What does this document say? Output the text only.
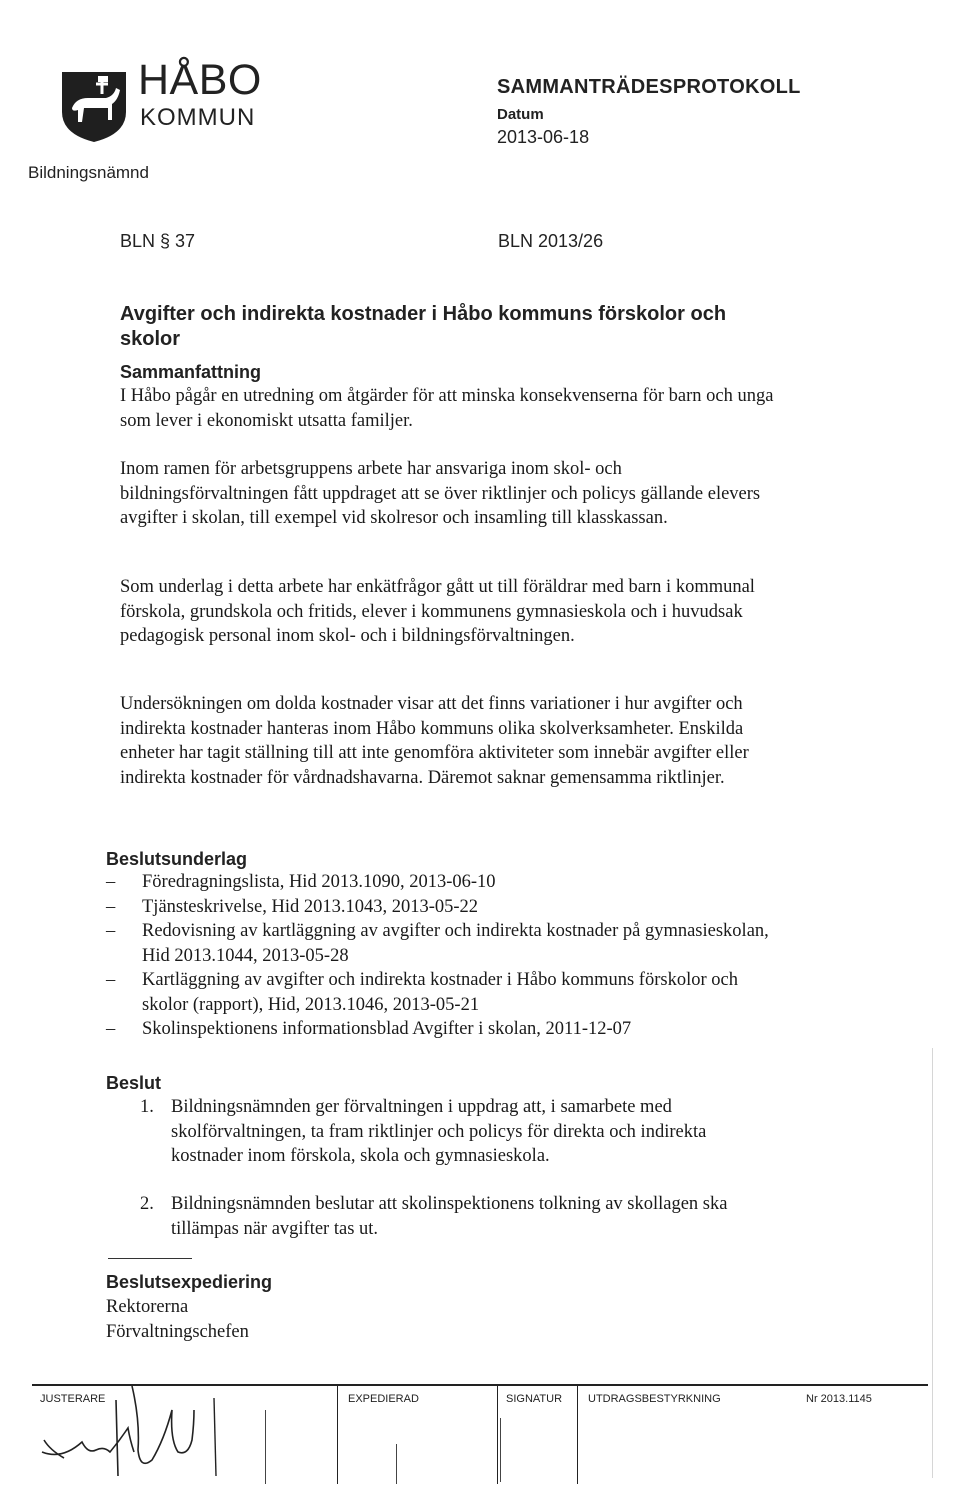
HÅBO
KOMMUN
Bildningsnämnd
SAMMANTRÄDESPROTOKOLL
Datum
2013-06-18
BLN § 37	BLN 2013/26
Avgifter och indirekta kostnader i Håbo kommuns förskolor och skolor
Sammanfattning

I Håbo pågår en utredning om åtgärder för att minska konsekvenserna för barn och unga som lever i ekonomiskt utsatta familjer.

Inom ramen för arbetsgruppens arbete har ansvariga inom skol- och bildningsförvaltningen fått uppdraget att se över riktlinjer och policys gällande elevers avgifter i skolan, till exempel vid skolresor och insamling till klasskassan.

Som underlag i detta arbete har enkätfrågor gått ut till föräldrar med barn i kommunal förskola, grundskola och fritids, elever i kommunens gymnasieskola och i huvudsak pedagogisk personal inom skol- och i bildningsförvaltningen.

Undersökningen om dolda kostnader visar att det finns variationer i hur avgifter och indirekta kostnader hanteras inom Håbo kommuns olika skolverksamheter. Enskilda enheter har tagit ställning till att inte genomföra aktiviteter som innebär avgifter eller indirekta kostnader för vårdnadshavarna. Däremot saknar gemensamma riktlinjer.

Beslutsunderlag
–	Föredragningslista, Hid 2013.1090, 2013-06-10
–	Tjänsteskrivelse, Hid 2013.1043, 2013-05-22
–	Redovisning av kartläggning av avgifter och indirekta kostnader på gymnasieskolan, Hid 2013.1044, 2013-05-28
–	Kartläggning av avgifter och indirekta kostnader i Håbo kommuns förskolor och skolor (rapport), Hid, 2013.1046, 2013-05-21
–	Skolinspektionens informationsblad Avgifter i skolan, 2011-12-07
Beslut
1. Bildningsnämnden ger förvaltningen i uppdrag att, i samarbete med skolförvaltningen, ta fram riktlinjer och policys för direkta och indirekta kostnader inom förskola, skola och gymnasieskola.
2. Bildningsnämnden beslutar att skolinspektionens tolkning av skollagen ska tillämpas när avgifter tas ut.
Beslutsexpediering
Rektorerna
Förvaltningschefen
JUSTERARE	EXPEDIERAD	SIGNATUR UTDRAGSBESTYRKNING	Nr 2013.1145
